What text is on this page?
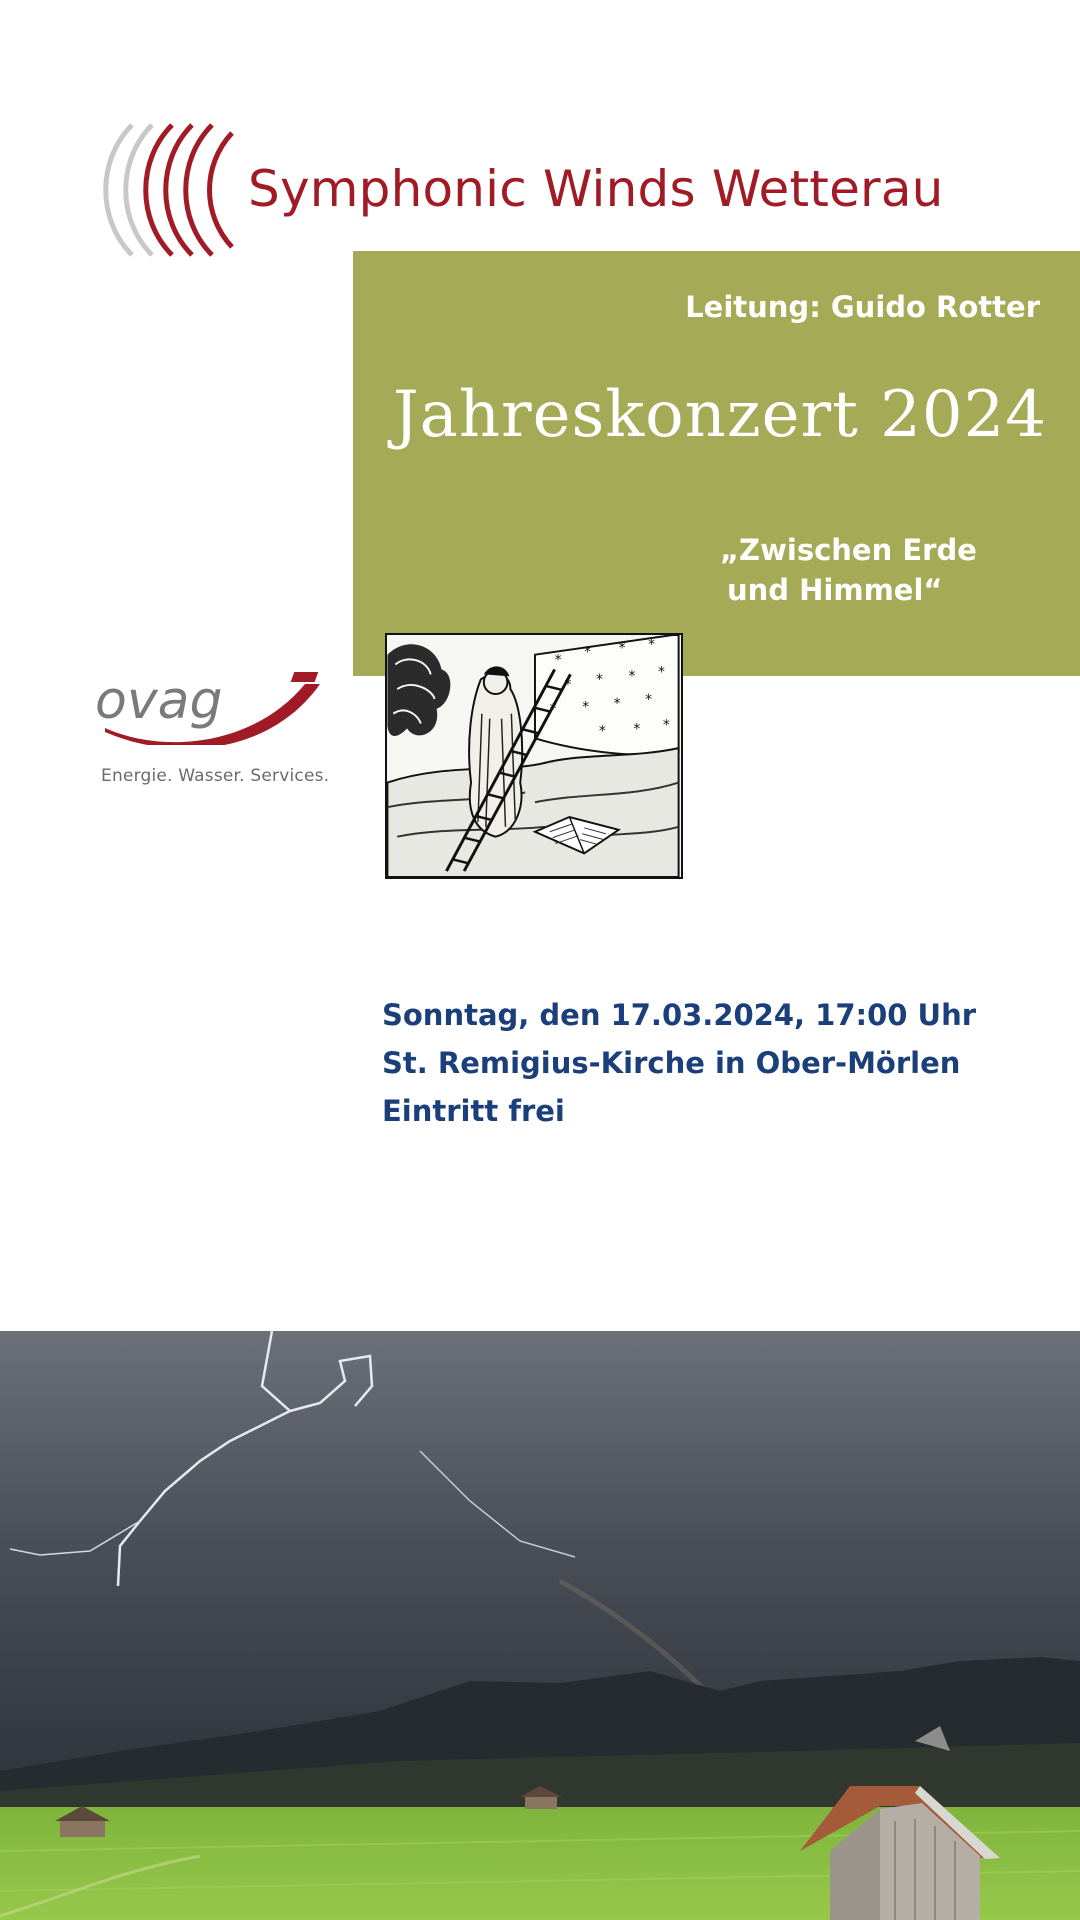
Symphonic Winds Wetterau
Leitung: Guido Rotter
Jahreskonzert 2024
„Zwischen Erde
und Himmel“
* * * *
* * * *
* * * *
* * *
ovag
Energie. Wasser. Services.
Sonntag, den 17.03.2024, 17:00 Uhr
St. Remigius-Kirche in Ober-Mörlen
Eintritt frei
